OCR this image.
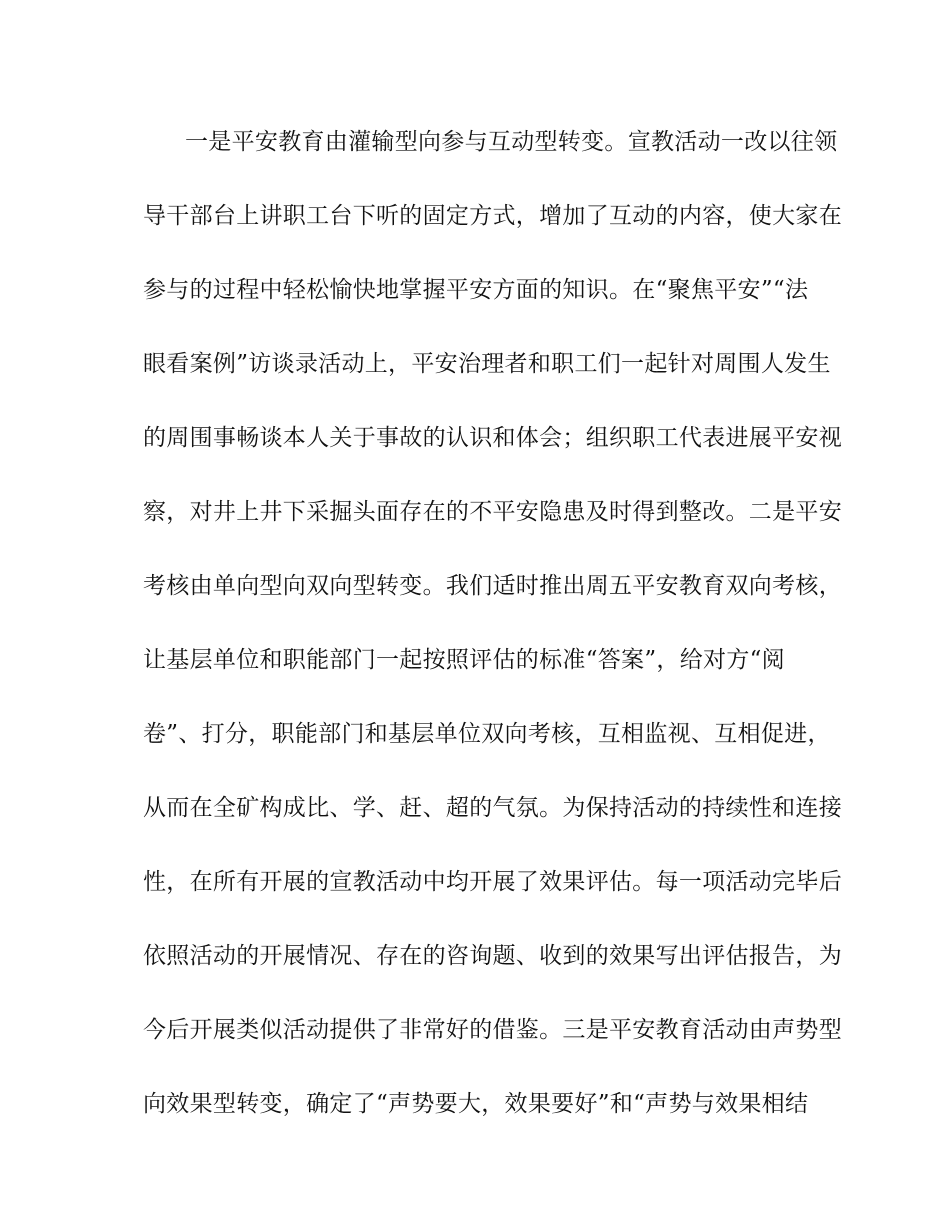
一是平安教育由灌输型向参与互动型转变。宣教活动一改以往领
导干部台上讲职工台下听的固定方式，增加了互动的内容，使大家在
参与的过程中轻松愉快地掌握平安方面的知识。在“聚焦平安”“法
眼看案例”访谈录活动上，平安治理者和职工们一起针对周围人发生
的周围事畅谈本人关于事故的认识和体会；组织职工代表进展平安视
察，对井上井下采掘头面存在的不平安隐患及时得到整改。二是平安
考核由单向型向双向型转变。我们适时推出周五平安教育双向考核，
让基层单位和职能部门一起按照评估的标准“答案”，给对方“阅
卷”、打分，职能部门和基层单位双向考核，互相监视、互相促进，
从而在全矿构成比、学、赶、超的气氛。为保持活动的持续性和连接
性，在所有开展的宣教活动中均开展了效果评估。每一项活动完毕后
依照活动的开展情况、存在的咨询题、收到的效果写出评估报告，为
今后开展类似活动提供了非常好的借鉴。三是平安教育活动由声势型
向效果型转变，确定了“声势要大，效果要好”和“声势与效果相结
